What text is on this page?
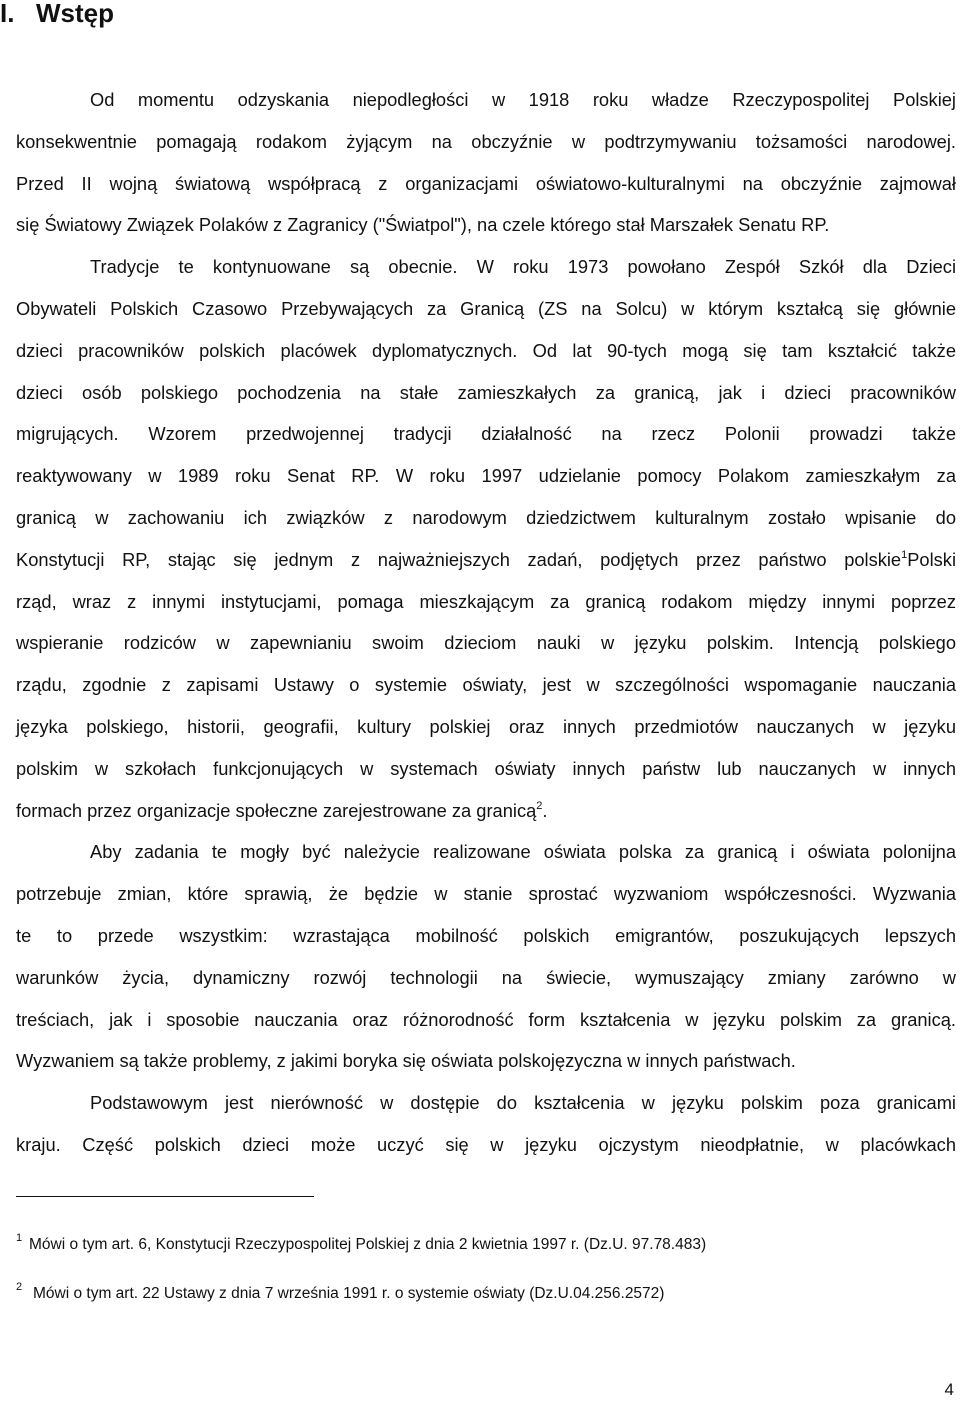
I. Wstęp
Od momentu odzyskania niepodległości w 1918 roku władze Rzeczypospolitej Polskiej
konsekwentnie pomagają rodakom żyjącym na obczyźnie w podtrzymywaniu tożsamości narodowej.
Przed II wojną światową współpracą z organizacjami oświatowo-kulturalnymi na obczyźnie zajmował
się Światowy Związek Polaków z Zagranicy ("Światpol"), na czele którego stał Marszałek Senatu RP.
Tradycje te kontynuowane są obecnie. W roku 1973 powołano Zespół Szkół dla Dzieci
Obywateli Polskich Czasowo Przebywających za Granicą (ZS na Solcu) w którym kształcą się głównie
dzieci pracowników polskich placówek dyplomatycznych. Od lat 90-tych mogą się tam kształcić także
dzieci osób polskiego pochodzenia na stałe zamieszkałych za granicą, jak i dzieci pracowników
migrujących. Wzorem przedwojennej tradycji działalność na rzecz Polonii prowadzi także
reaktywowany w 1989 roku Senat RP. W roku 1997 udzielanie pomocy Polakom zamieszkałym za
granicą w zachowaniu ich związków z narodowym dziedzictwem kulturalnym zostało wpisanie do
Konstytucji RP, stając się jednym z najważniejszych zadań, podjętych przez państwo polskie$^1$Polski
rząd, wraz z innymi instytucjami, pomaga mieszkającym za granicą rodakom między innymi poprzez
wspieranie rodziców w zapewnianiu swoim dzieciom nauki w języku polskim. Intencją polskiego
rządu, zgodnie z zapisami Ustawy o systemie oświaty, jest w szczególności wspomaganie nauczania
języka polskiego, historii, geografii, kultury polskiej oraz innych przedmiotów nauczanych w języku
polskim w szkołach funkcjonujących w systemach oświaty innych państw lub nauczanych w innych
formach przez organizacje społeczne zarejestrowane za granicą$^2$.
Aby zadania te mogły być należycie realizowane oświata polska za granicą i oświata polonijna
potrzebuje zmian, które sprawią, że będzie w stanie sprostać wyzwaniom współczesności. Wyzwania
te to przede wszystkim: wzrastająca mobilność polskich emigrantów, poszukujących lepszych
warunków życia, dynamiczny rozwój technologii na świecie, wymuszający zmiany zarówno w
treściach, jak i sposobie nauczania oraz różnorodność form kształcenia w języku polskim za granicą.
Wyzwaniem są także problemy, z jakimi boryka się oświata polskojęzyczna w innych państwach.
Podstawowym jest nierówność w dostępie do kształcenia w języku polskim poza granicami
kraju. Część polskich dzieci może uczyć się w języku ojczystym nieodpłatnie, w placówkach
1 Mówi o tym art. 6, Konstytucji Rzeczypospolitej Polskiej z dnia 2 kwietnia 1997 r. (Dz.U. 97.78.483)
2 Mówi o tym art. 22 Ustawy z dnia 7 września 1991 r. o systemie oświaty (Dz.U.04.256.2572)
4
